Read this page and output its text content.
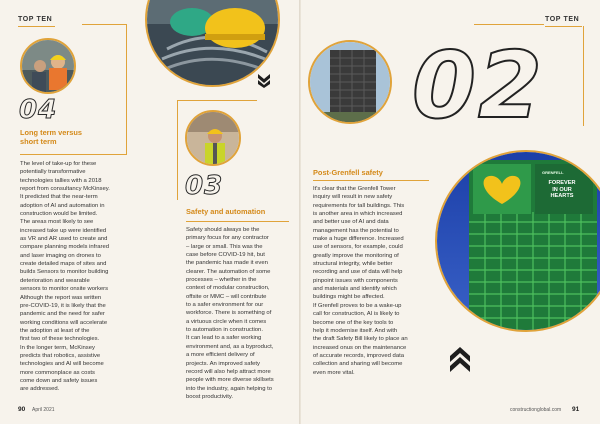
TOP TEN
04
Long term versus
short term
The level of take-up for these
potentially transformative
technologies tallies with a 2018
report from consultancy McKinsey.
It predicted that the near-term
adoption of AI and automation in
construction would be limited.
The areas most likely to see
increased take up were identified
as VR and AR used to create and
compare planning models infrared
and laser imaging on drones to
create detailed maps of sites and
builds Sensors to monitor building
deterioration and wearable
sensors to monitor onsite workers
Although the report was written
pre-COVID-19, it is likely that the
pandemic and the need for safer
working conditions will accelerate
the adoption at least of the
first two of these technologies.
In the longer term, McKinsey
predicts that robotics, assistive
technologies and AI will become
more commonplace as costs
come down and safety issues
are addressed.
03
Safety and automation
Safety should always be the
primary focus for any contractor
– large or small. This was the
case before COVID-19 hit, but
the pandemic has made it even
clearer. The automation of some
processes – whether in the
context of modular construction,
offsite or MMC – will contribute
to a safer environment for our
workforce. There is something of
a virtuous circle when it comes
to automation in construction.
It can lead to a safer working
environment and, as a byproduct,
a more efficient delivery of
projects. An improved safety
record will also help attract more
people with more diverse skillsets
into the industry, again helping to
boost productivity.
90 April 2021
TOP TEN
02
Post-Grenfell safety
It's clear that the Grenfell Tower
inquiry will result in new safety
requirements for tall buildings. This
is another area in which increased
and better use of AI and data
management has the potential to
make a huge difference. Increased
use of sensors, for example, could
greatly improve the monitoring of
structural integrity, while better
recording and use of data will help
pinpoint issues with components
and materials and identify which
buildings might be affected.
If Grenfell proves to be a wake-up
call for construction, AI is likely to
become one of the key tools to
help it modernise itself. And with
the draft Safety Bill likely to place an
increased onus on the maintenance
of accurate records, improved data
collection and sharing will become
even more vital.
GRENFELL
FOREVER
IN OUR
HEARTS
constructionglobal.com 91
